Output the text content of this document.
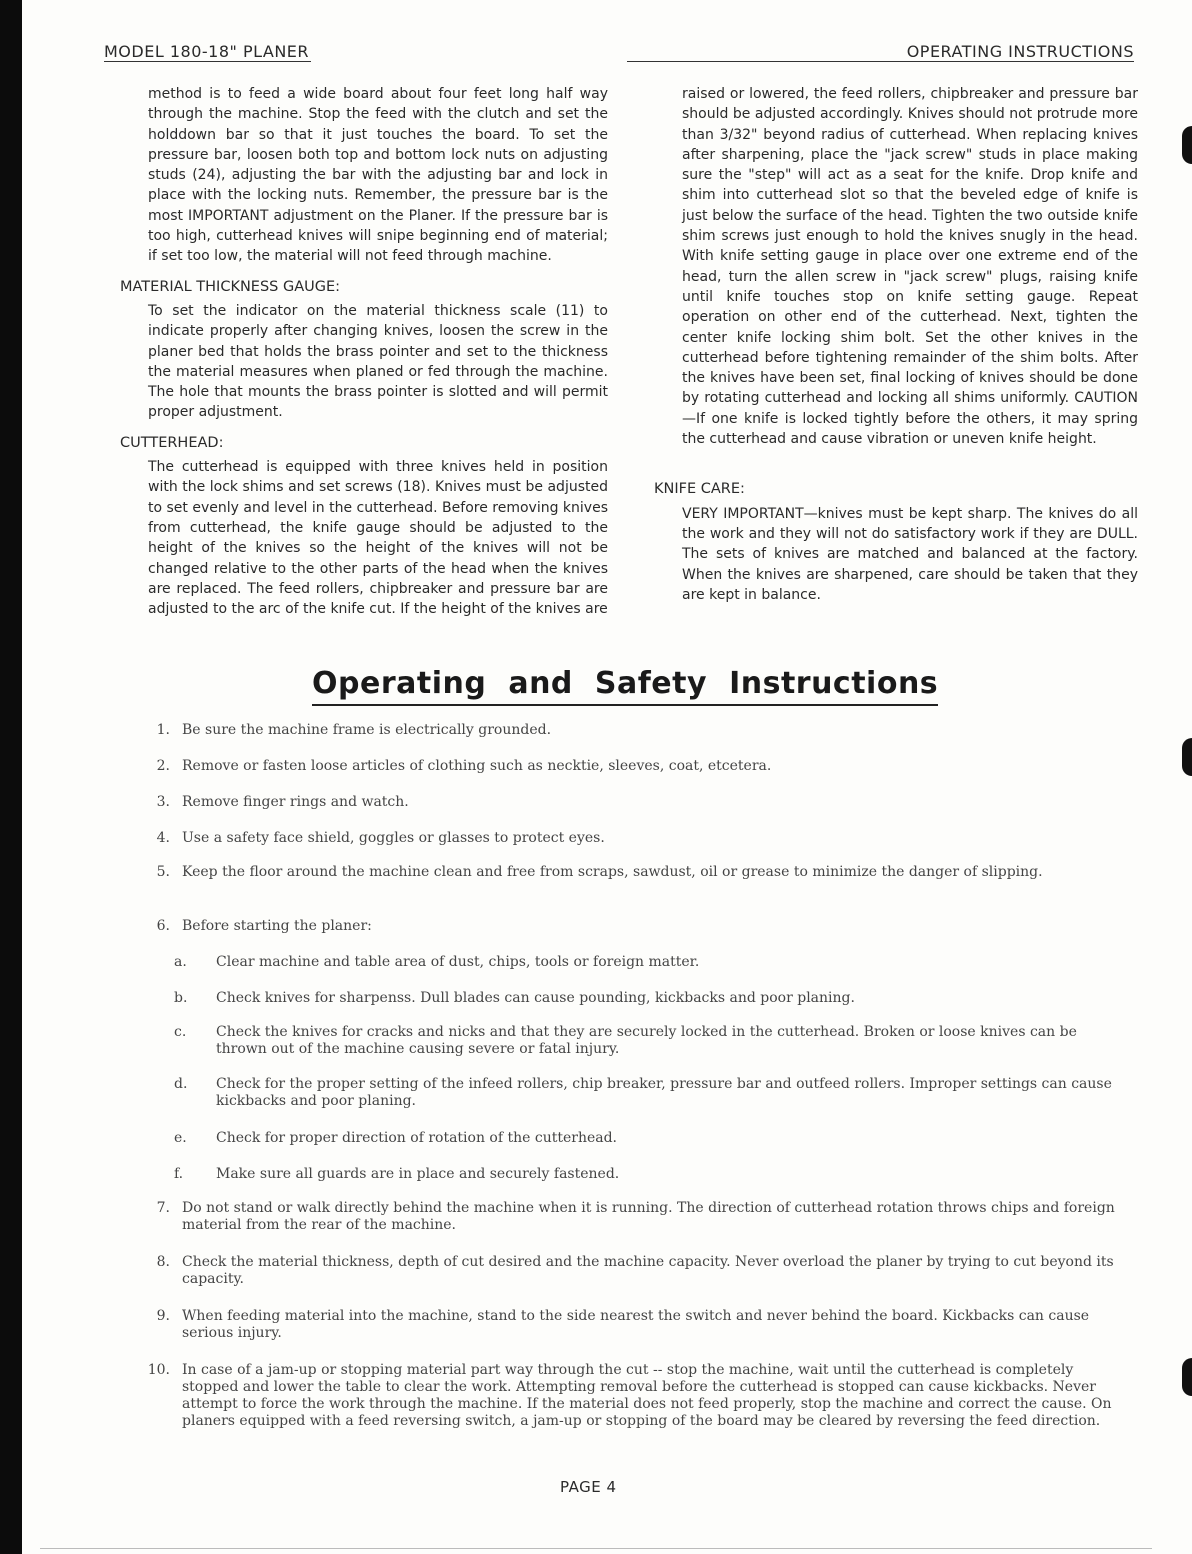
MODEL 180-18" PLANER	OPERATING INSTRUCTIONS

method is to feed a wide board about four feet long half way through the machine. Stop the feed with the clutch and set the holddown bar so that it just touches the board. To set the pressure bar, loosen both top and bottom lock nuts on adjusting studs (24), adjusting the bar with the adjusting bar and lock in place with the locking nuts. Remember, the pressure bar is the most IMPORTANT adjustment on the Planer. If the pressure bar is too high, cutterhead knives will snipe beginning end of material; if set too low, the material will not feed through machine.

MATERIAL THICKNESS GAUGE:

To set the indicator on the material thickness scale (11) to indicate properly after changing knives, loosen the screw in the planer bed that holds the brass pointer and set to the thickness the material measures when planed or fed through the machine. The hole that mounts the brass pointer is slotted and will permit proper adjustment.

CUTTERHEAD:

The cutterhead is equipped with three knives held in position with the lock shims and set screws (18). Knives must be adjusted to set evenly and level in the cutterhead. Before removing knives from cutterhead, the knife gauge should be adjusted to the height of the knives so the height of the knives will not be changed relative to the other parts of the head when the knives are replaced. The feed rollers, chipbreaker and pressure bar are adjusted to the arc of the knife cut. If the height of the knives are

raised or lowered, the feed rollers, chipbreaker and pressure bar should be adjusted accordingly. Knives should not protrude more than 3/32" beyond radius of cutterhead. When replacing knives after sharpening, place the "jack screw" studs in place making sure the "step" will act as a seat for the knife. Drop knife and shim into cutterhead slot so that the beveled edge of knife is just below the surface of the head. Tighten the two outside knife shim screws just enough to hold the knives snugly in the head. With knife setting gauge in place over one extreme end of the head, turn the allen screw in "jack screw" plugs, raising knife until knife touches stop on knife setting gauge. Repeat operation on other end of the cutterhead. Next, tighten the center knife locking shim bolt. Set the other knives in the cutterhead before tightening remainder of the shim bolts. After the knives have been set, final locking of knives should be done by rotating cutterhead and locking all shims uniformly. CAUTION—If one knife is locked tightly before the others, it may spring the cutterhead and cause vibration or uneven knife height.

KNIFE CARE:

VERY IMPORTANT—knives must be kept sharp. The knives do all the work and they will not do satisfactory work if they are DULL. The sets of knives are matched and balanced at the factory. When the knives are sharpened, care should be taken that they are kept in balance.

Operating and Safety Instructions
1. Be sure the machine frame is electrically grounded.
2. Remove or fasten loose articles of clothing such as necktie, sleeves, coat, etcetera.
3. Remove finger rings and watch.
4. Use a safety face shield, goggles or glasses to protect eyes.
5. Keep the floor around the machine clean and free from scraps, sawdust, oil or grease to minimize the danger of slipping.
6. Before starting the planer:
a.	Clear machine and table area of dust, chips, tools or foreign matter.
b.	Check knives for sharpenss. Dull blades can cause pounding, kickbacks and poor planing.
c.	Check the knives for cracks and nicks and that they are securely locked in the cutterhead. Broken or loose knives can be thrown out of the machine causing severe or fatal injury.
d.	Check for the proper setting of the infeed rollers, chip breaker, pressure bar and outfeed rollers. Improper settings can cause kickbacks and poor planing.
e.	Check for proper direction of rotation of the cutterhead.
f.	Make sure all guards are in place and securely fastened.
7. Do not stand or walk directly behind the machine when it is running. The direction of cutterhead rotation throws chips and foreign material from the rear of the machine.
8. Check the material thickness, depth of cut desired and the machine capacity. Never overload the planer by trying to cut beyond its capacity.
9. When feeding material into the machine, stand to the side nearest the switch and never behind the board. Kickbacks can cause serious injury.
10. In case of a jam-up or stopping material part way through the cut -- stop the machine, wait until the cutterhead is completely stopped and lower the table to clear the work. Attempting removal before the cutterhead is stopped can cause kickbacks. Never attempt to force the work through the machine. If the material does not feed properly, stop the machine and correct the cause. On planers equipped with a feed reversing switch, a jam-up or stopping of the board may be cleared by reversing the feed direction.
PAGE 4
